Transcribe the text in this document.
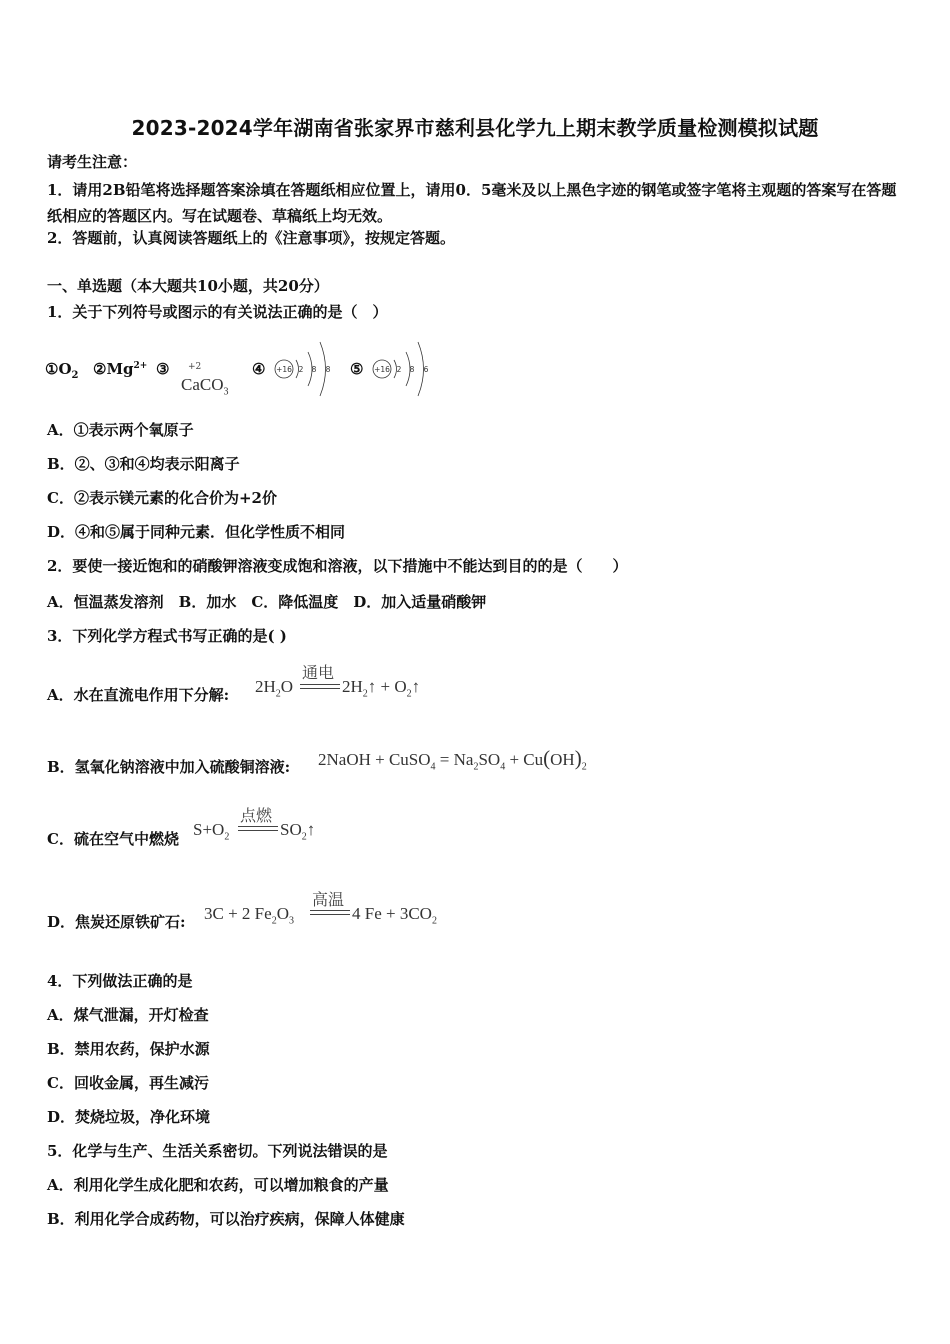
2023-2024学年湖南省张家界市慈利县化学九上期末教学质量检测模拟试题
请考生注意：
1．请用2B铅笔将选择题答案涂填在答题纸相应位置上，请用0．5毫米及以上黑色字迹的钢笔或签字笔将主观题的答案写在答题纸相应的答题区内。写在试题卷、草稿纸上均无效。
2．答题前，认真阅读答题纸上的《注意事项》，按规定答题。
一、单选题（本大题共10小题，共20分）
1．关于下列符号或图示的有关说法正确的是（　）
$①O_2$ $②Mg^{2+}$ ③ +2
CaCO$_3$
④ +16 2 8 8 ⑤ +16 2 8 6
A．①表示两个氧原子
B．②、③和④均表示阳离子
C．②表示镁元素的化合价为+2价
D．④和⑤属于同种元素．但化学性质不相同
2．要使一接近饱和的硝酸钾溶液变成饱和溶液，以下措施中不能达到目的的是（　　）
A．恒温蒸发溶剂　B．加水　C．降低温度　D．加入适量硝酸钾
3．下列化学方程式书写正确的是( )
A．水在直流电作用下分解: $2H_2O$
通电
$2H_2↑$ + $O_2↑$
B．氢氧化钠溶液中加入硫酸铜溶液: 2NaOH + CuSO$_4$ = $Na_2SO_4 + Cu(OH)_2$
C．硫在空气中燃烧 $S+O_2$
点燃
$SO_2↑$
D．焦炭还原铁矿石: 3C + 2 $Fe_2O_3$
高温
4 $Fe + 3CO_2$
4．下列做法正确的是
A．煤气泄漏，开灯检查
B．禁用农药，保护水源
C．回收金属，再生减污
D．焚烧垃圾，净化环境
5．化学与生产、生活关系密切。下列说法错误的是
A．利用化学生成化肥和农药，可以增加粮食的产量
B．利用化学合成药物，可以治疗疾病，保障人体健康
